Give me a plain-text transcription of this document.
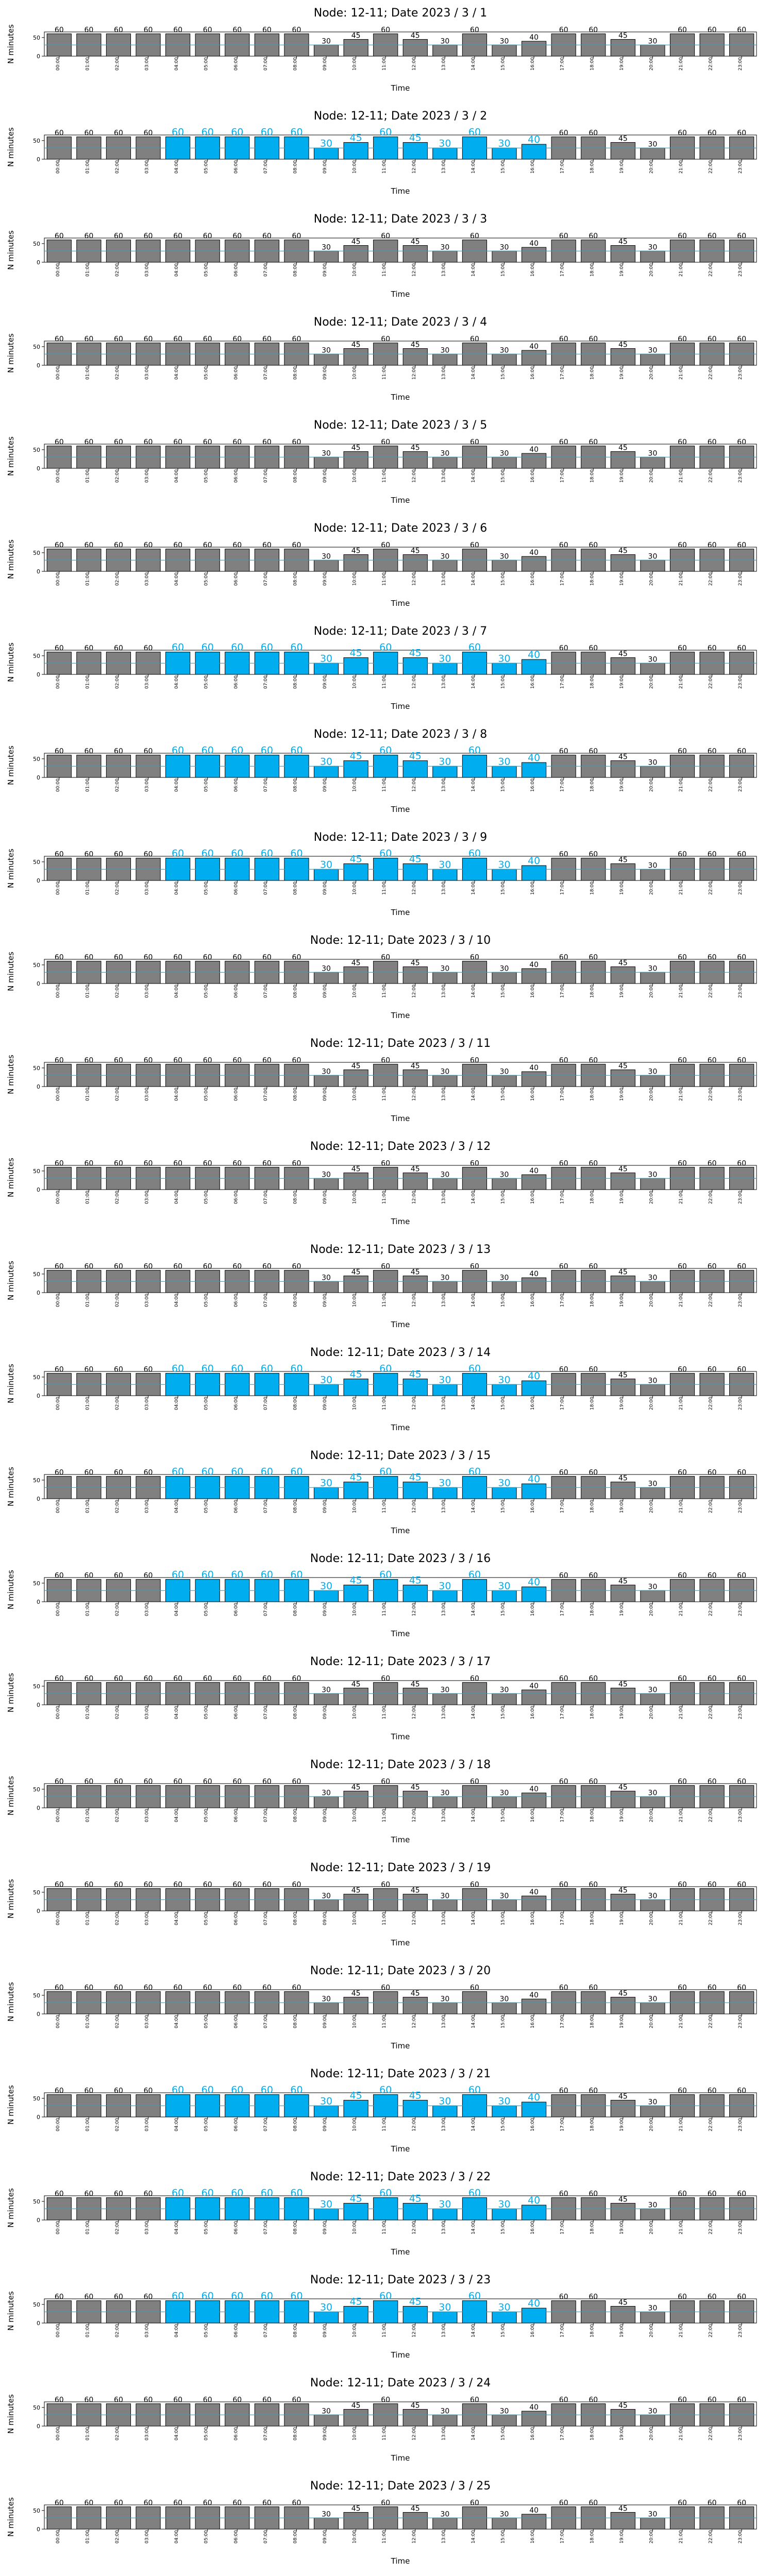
Node: 12-11; Date 2023 / 3 / 1
N minutes	0
50
60
00:00
60
01:00
60
02:00
60
03:00
60
04:00
60
05:00
60
06:00
60
07:00
60
08:00
30
09:00
45
10:00
60
11:00
45
12:00
30
13:00
60
14:00
30
15:00
40
16:00
60
17:00
60
18:00
45
19:00
30
20:00
60
21:00
60
22:00
60
23:00
Time
Node: 12-11; Date 2023 / 3 / 2
N minutes	0
50
60
00:00
60
01:00
60
02:00
60
03:00
60
04:00
60
05:00
60
06:00
60
07:00
60
08:00
30
09:00
45
10:00
60
11:00
45
12:00
30
13:00
60
14:00
30
15:00
40
16:00
60
17:00
60
18:00
45
19:00
30
20:00
60
21:00
60
22:00
60
23:00
Time
Node: 12-11; Date 2023 / 3 / 3
N minutes	0
50
60
00:00
60
01:00
60
02:00
60
03:00
60
04:00
60
05:00
60
06:00
60
07:00
60
08:00
30
09:00
45
10:00
60
11:00
45
12:00
30
13:00
60
14:00
30
15:00
40
16:00
60
17:00
60
18:00
45
19:00
30
20:00
60
21:00
60
22:00
60
23:00
Time
Node: 12-11; Date 2023 / 3 / 4
N minutes	0
50
60
00:00
60
01:00
60
02:00
60
03:00
60
04:00
60
05:00
60
06:00
60
07:00
60
08:00
30
09:00
45
10:00
60
11:00
45
12:00
30
13:00
60
14:00
30
15:00
40
16:00
60
17:00
60
18:00
45
19:00
30
20:00
60
21:00
60
22:00
60
23:00
Time
Node: 12-11; Date 2023 / 3 / 5
N minutes	0
50
60
00:00
60
01:00
60
02:00
60
03:00
60
04:00
60
05:00
60
06:00
60
07:00
60
08:00
30
09:00
45
10:00
60
11:00
45
12:00
30
13:00
60
14:00
30
15:00
40
16:00
60
17:00
60
18:00
45
19:00
30
20:00
60
21:00
60
22:00
60
23:00
Time
Node: 12-11; Date 2023 / 3 / 6
N minutes	0
50
60
00:00
60
01:00
60
02:00
60
03:00
60
04:00
60
05:00
60
06:00
60
07:00
60
08:00
30
09:00
45
10:00
60
11:00
45
12:00
30
13:00
60
14:00
30
15:00
40
16:00
60
17:00
60
18:00
45
19:00
30
20:00
60
21:00
60
22:00
60
23:00
Time
Node: 12-11; Date 2023 / 3 / 7
N minutes	0
50
60
00:00
60
01:00
60
02:00
60
03:00
60
04:00
60
05:00
60
06:00
60
07:00
60
08:00
30
09:00
45
10:00
60
11:00
45
12:00
30
13:00
60
14:00
30
15:00
40
16:00
60
17:00
60
18:00
45
19:00
30
20:00
60
21:00
60
22:00
60
23:00
Time
Node: 12-11; Date 2023 / 3 / 8
N minutes	0
50
60
00:00
60
01:00
60
02:00
60
03:00
60
04:00
60
05:00
60
06:00
60
07:00
60
08:00
30
09:00
45
10:00
60
11:00
45
12:00
30
13:00
60
14:00
30
15:00
40
16:00
60
17:00
60
18:00
45
19:00
30
20:00
60
21:00
60
22:00
60
23:00
Time
Node: 12-11; Date 2023 / 3 / 9
N minutes	0
50
60
00:00
60
01:00
60
02:00
60
03:00
60
04:00
60
05:00
60
06:00
60
07:00
60
08:00
30
09:00
45
10:00
60
11:00
45
12:00
30
13:00
60
14:00
30
15:00
40
16:00
60
17:00
60
18:00
45
19:00
30
20:00
60
21:00
60
22:00
60
23:00
Time
Node: 12-11; Date 2023 / 3 / 10
N minutes	0
50
60
00:00
60
01:00
60
02:00
60
03:00
60
04:00
60
05:00
60
06:00
60
07:00
60
08:00
30
09:00
45
10:00
60
11:00
45
12:00
30
13:00
60
14:00
30
15:00
40
16:00
60
17:00
60
18:00
45
19:00
30
20:00
60
21:00
60
22:00
60
23:00
Time
Node: 12-11; Date 2023 / 3 / 11
N minutes	0
50
60
00:00
60
01:00
60
02:00
60
03:00
60
04:00
60
05:00
60
06:00
60
07:00
60
08:00
30
09:00
45
10:00
60
11:00
45
12:00
30
13:00
60
14:00
30
15:00
40
16:00
60
17:00
60
18:00
45
19:00
30
20:00
60
21:00
60
22:00
60
23:00
Time
Node: 12-11; Date 2023 / 3 / 12
N minutes	0
50
60
00:00
60
01:00
60
02:00
60
03:00
60
04:00
60
05:00
60
06:00
60
07:00
60
08:00
30
09:00
45
10:00
60
11:00
45
12:00
30
13:00
60
14:00
30
15:00
40
16:00
60
17:00
60
18:00
45
19:00
30
20:00
60
21:00
60
22:00
60
23:00
Time
Node: 12-11; Date 2023 / 3 / 13
N minutes	0
50
60
00:00
60
01:00
60
02:00
60
03:00
60
04:00
60
05:00
60
06:00
60
07:00
60
08:00
30
09:00
45
10:00
60
11:00
45
12:00
30
13:00
60
14:00
30
15:00
40
16:00
60
17:00
60
18:00
45
19:00
30
20:00
60
21:00
60
22:00
60
23:00
Time
Node: 12-11; Date 2023 / 3 / 14
N minutes	0
50
60
00:00
60
01:00
60
02:00
60
03:00
60
04:00
60
05:00
60
06:00
60
07:00
60
08:00
30
09:00
45
10:00
60
11:00
45
12:00
30
13:00
60
14:00
30
15:00
40
16:00
60
17:00
60
18:00
45
19:00
30
20:00
60
21:00
60
22:00
60
23:00
Time
Node: 12-11; Date 2023 / 3 / 15
N minutes	0
50
60
00:00
60
01:00
60
02:00
60
03:00
60
04:00
60
05:00
60
06:00
60
07:00
60
08:00
30
09:00
45
10:00
60
11:00
45
12:00
30
13:00
60
14:00
30
15:00
40
16:00
60
17:00
60
18:00
45
19:00
30
20:00
60
21:00
60
22:00
60
23:00
Time
Node: 12-11; Date 2023 / 3 / 16
N minutes	0
50
60
00:00
60
01:00
60
02:00
60
03:00
60
04:00
60
05:00
60
06:00
60
07:00
60
08:00
30
09:00
45
10:00
60
11:00
45
12:00
30
13:00
60
14:00
30
15:00
40
16:00
60
17:00
60
18:00
45
19:00
30
20:00
60
21:00
60
22:00
60
23:00
Time
Node: 12-11; Date 2023 / 3 / 17
N minutes	0
50
60
00:00
60
01:00
60
02:00
60
03:00
60
04:00
60
05:00
60
06:00
60
07:00
60
08:00
30
09:00
45
10:00
60
11:00
45
12:00
30
13:00
60
14:00
30
15:00
40
16:00
60
17:00
60
18:00
45
19:00
30
20:00
60
21:00
60
22:00
60
23:00
Time
Node: 12-11; Date 2023 / 3 / 18
N minutes	0
50
60
00:00
60
01:00
60
02:00
60
03:00
60
04:00
60
05:00
60
06:00
60
07:00
60
08:00
30
09:00
45
10:00
60
11:00
45
12:00
30
13:00
60
14:00
30
15:00
40
16:00
60
17:00
60
18:00
45
19:00
30
20:00
60
21:00
60
22:00
60
23:00
Time
Node: 12-11; Date 2023 / 3 / 19
N minutes	0
50
60
00:00
60
01:00
60
02:00
60
03:00
60
04:00
60
05:00
60
06:00
60
07:00
60
08:00
30
09:00
45
10:00
60
11:00
45
12:00
30
13:00
60
14:00
30
15:00
40
16:00
60
17:00
60
18:00
45
19:00
30
20:00
60
21:00
60
22:00
60
23:00
Time
Node: 12-11; Date 2023 / 3 / 20
N minutes	0
50
60
00:00
60
01:00
60
02:00
60
03:00
60
04:00
60
05:00
60
06:00
60
07:00
60
08:00
30
09:00
45
10:00
60
11:00
45
12:00
30
13:00
60
14:00
30
15:00
40
16:00
60
17:00
60
18:00
45
19:00
30
20:00
60
21:00
60
22:00
60
23:00
Time
Node: 12-11; Date 2023 / 3 / 21
N minutes	0
50
60
00:00
60
01:00
60
02:00
60
03:00
60
04:00
60
05:00
60
06:00
60
07:00
60
08:00
30
09:00
45
10:00
60
11:00
45
12:00
30
13:00
60
14:00
30
15:00
40
16:00
60
17:00
60
18:00
45
19:00
30
20:00
60
21:00
60
22:00
60
23:00
Time
Node: 12-11; Date 2023 / 3 / 22
N minutes	0
50
60
00:00
60
01:00
60
02:00
60
03:00
60
04:00
60
05:00
60
06:00
60
07:00
60
08:00
30
09:00
45
10:00
60
11:00
45
12:00
30
13:00
60
14:00
30
15:00
40
16:00
60
17:00
60
18:00
45
19:00
30
20:00
60
21:00
60
22:00
60
23:00
Time
Node: 12-11; Date 2023 / 3 / 23
N minutes	0
50
60
00:00
60
01:00
60
02:00
60
03:00
60
04:00
60
05:00
60
06:00
60
07:00
60
08:00
30
09:00
45
10:00
60
11:00
45
12:00
30
13:00
60
14:00
30
15:00
40
16:00
60
17:00
60
18:00
45
19:00
30
20:00
60
21:00
60
22:00
60
23:00
Time
Node: 12-11; Date 2023 / 3 / 24
N minutes	0
50
60
00:00
60
01:00
60
02:00
60
03:00
60
04:00
60
05:00
60
06:00
60
07:00
60
08:00
30
09:00
45
10:00
60
11:00
45
12:00
30
13:00
60
14:00
30
15:00
40
16:00
60
17:00
60
18:00
45
19:00
30
20:00
60
21:00
60
22:00
60
23:00
Time
Node: 12-11; Date 2023 / 3 / 25
N minutes	0
50
60
00:00
60
01:00
60
02:00
60
03:00
60
04:00
60
05:00
60
06:00
60
07:00
60
08:00
30
09:00
45
10:00
60
11:00
45
12:00
30
13:00
60
14:00
30
15:00
40
16:00
60
17:00
60
18:00
45
19:00
30
20:00
60
21:00
60
22:00
60
23:00
Time
